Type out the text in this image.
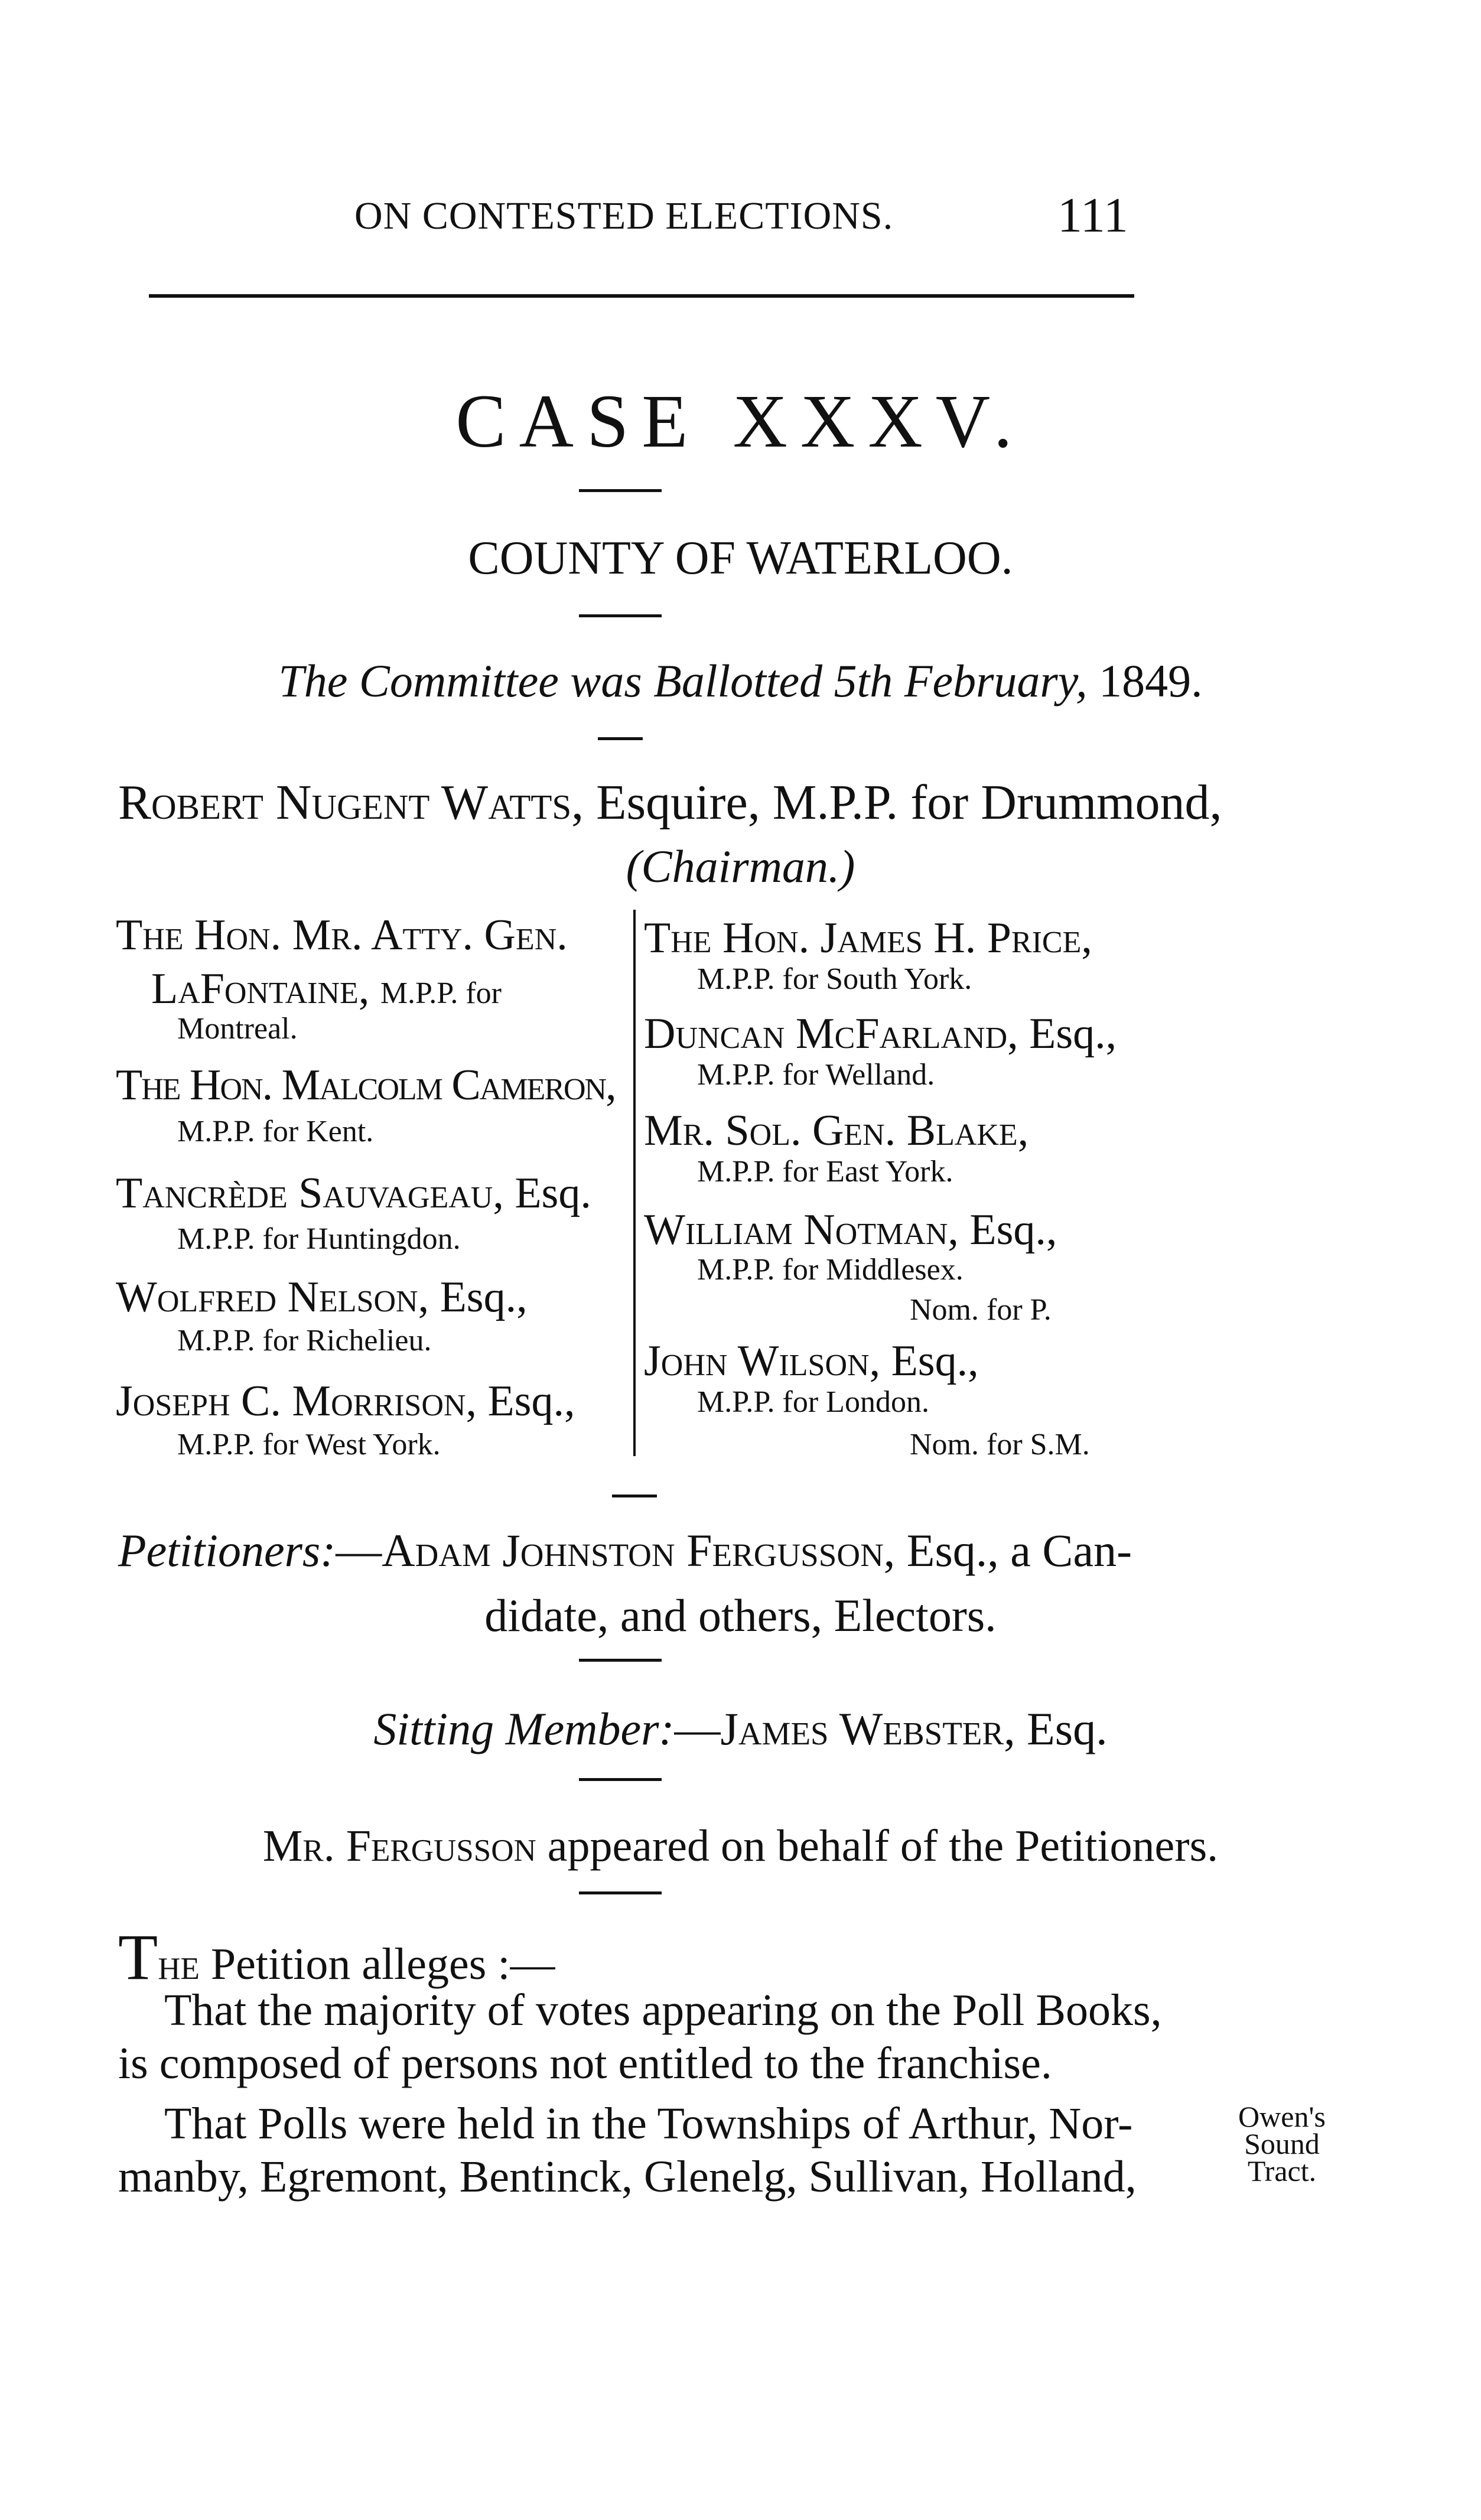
ON CONTESTED ELECTIONS.	111
CASE XXXV.
COUNTY OF WATERLOO.
The Committee was Ballotted 5th February, 1849.
Robert Nugent Watts, Esquire, M.P.P. for Drummond,
(Chairman.)
The Hon. Mr. Atty. Gen.
LaFontaine, M.P.P. for
Montreal.
The Hon. Malcolm Cameron,
M.P.P. for Kent.
Tancrède Sauvageau, Esq.
M.P.P. for Huntingdon.
Wolfred Nelson, Esq.,
M.P.P. for Richelieu.
Joseph C. Morrison, Esq.,
M.P.P. for West York.
The Hon. James H. Price,
M.P.P. for South York.
Duncan McFarland, Esq.,
M.P.P. for Welland.
Mr. Sol. Gen. Blake,
M.P.P. for East York.
William Notman, Esq.,
M.P.P. for Middlesex.
Nom. for P.
John Wilson, Esq.,
M.P.P. for London.
Nom. for S.M.
Petitioners:—Adam Johnston Fergusson, Esq., a Can-
didate, and others, Electors.
Sitting Member:—James Webster, Esq.
Mr. Fergusson appeared on behalf of the Petitioners.
The Petition alleges :—
That the majority of votes appearing on the Poll Books,
is composed of persons not entitled to the franchise.
That Polls were held in the Townships of Arthur, Nor-
manby, Egremont, Bentinck, Glenelg, Sullivan, Holland,
Owen's
Sound
Tract.
